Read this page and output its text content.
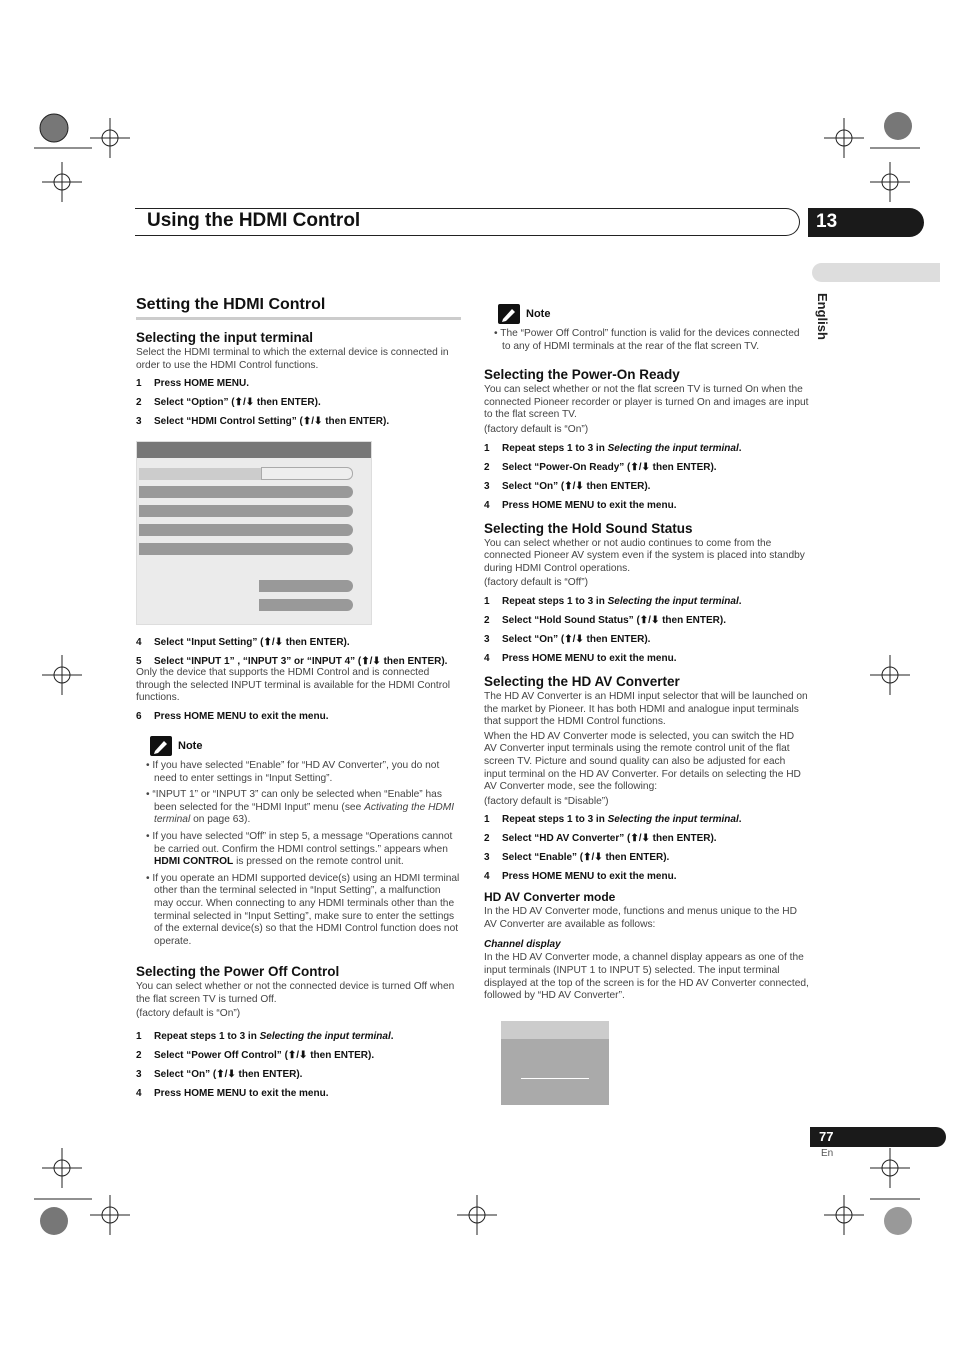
Using the HDMI Control	13
English
Setting the HDMI Control
Selecting the input terminal

Select the HDMI terminal to which the external device is connected in order to use the HDMI Control functions.

1	Press HOME MENU.
2	Select “Option” (⬆/⬇ then ENTER).
3	Select “HDMI Control Setting” (⬆/⬇ then ENTER).
4	Select “Input Setting” (⬆/⬇ then ENTER).
5	Select “INPUT 1” , “INPUT 3” or “INPUT 4” (⬆/⬇ then ENTER).

Only the device that supports the HDMI Control and is connected through the selected INPUT terminal is available for the HDMI Control functions.

6	Press HOME MENU to exit the menu.
Note
• If you have selected “Enable” for “HD AV Converter”, you do not need to enter settings in “Input Setting”.
• “INPUT 1” or “INPUT 3” can only be selected when “Enable” has been selected for the “HDMI Input” menu (see Activating the HDMI terminal on page 63).
• If you have selected “Off” in step 5, a message “Operations cannot be carried out. Confirm the HDMI control settings.” appears when HDMI CONTROL is pressed on the remote control unit.
• If you operate an HDMI supported device(s) using an HDMI terminal other than the terminal selected in “Input Setting”, a malfunction may occur. When connecting to any HDMI terminals other than the terminal selected in “Input Setting”, make sure to enter the settings of the external device(s) so that the HDMI Control function does not operate.
Selecting the Power Off Control

You can select whether or not the connected device is turned Off when the flat screen TV is turned Off.

(factory default is “On”)

1	Repeat steps 1 to 3 in Selecting the input terminal.
2	Select “Power Off Control” (⬆/⬇ then ENTER).
3	Select “On” (⬆/⬇ then ENTER).
4	Press HOME MENU to exit the menu.
Note
• The “Power Off Control” function is valid for the devices connected to any of HDMI terminals at the rear of the flat screen TV.
Selecting the Power-On Ready

You can select whether or not the flat screen TV is turned On when the connected Pioneer recorder or player is turned On and images are input to the flat screen TV.

(factory default is “On”)

1	Repeat steps 1 to 3 in Selecting the input terminal.
2	Select “Power-On Ready” (⬆/⬇ then ENTER).
3	Select “On” (⬆/⬇ then ENTER).
4	Press HOME MENU to exit the menu.
Selecting the Hold Sound Status

You can select whether or not audio continues to come from the connected Pioneer AV system even if the system is placed into standby during HDMI Control operations.

(factory default is “Off”)

1	Repeat steps 1 to 3 in Selecting the input terminal.
2	Select “Hold Sound Status” (⬆/⬇ then ENTER).
3	Select “On” (⬆/⬇ then ENTER).
4	Press HOME MENU to exit the menu.
Selecting the HD AV Converter

The HD AV Converter is an HDMI input selector that will be launched on the market by Pioneer. It has both HDMI and analogue input terminals that support the HDMI Control functions.

When the HD AV Converter mode is selected, you can switch the HD AV Converter input terminals using the remote control unit of the flat screen TV. Picture and sound quality can also be adjusted for each input terminal on the HD AV Converter. For details on selecting the HD AV Converter mode, see the following:

(factory default is “Disable”)

1	Repeat steps 1 to 3 in Selecting the input terminal.
2	Select “HD AV Converter” (⬆/⬇ then ENTER).
3	Select “Enable” (⬆/⬇ then ENTER).
4	Press HOME MENU to exit the menu.
HD AV Converter mode

In the HD AV Converter mode, functions and menus unique to the HD AV Converter are available as follows:

Channel display

In the HD AV Converter mode, a channel display appears as one of the input terminals (INPUT 1 to INPUT 5) selected. The input terminal displayed at the top of the screen is for the HD AV Converter connected, followed by “HD AV Converter”.

77
En
